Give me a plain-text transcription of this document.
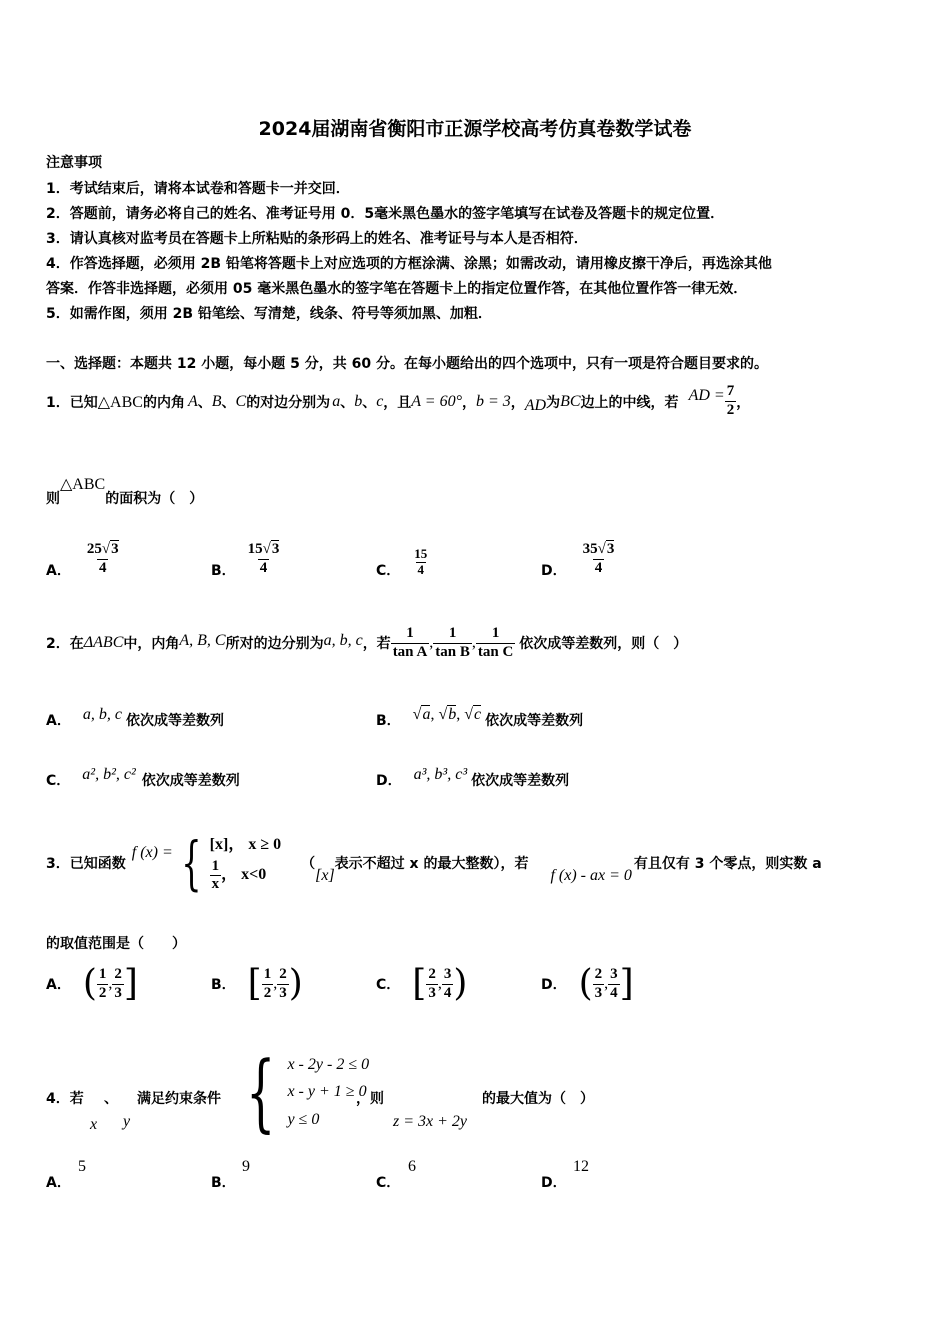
2024届湖南省衡阳市正源学校高考仿真卷数学试卷
注意事项
1．考试结束后，请将本试卷和答题卡一并交回．
2．答题前，请务必将自己的姓名、准考证号用 0．5毫米黑色墨水的签字笔填写在试卷及答题卡的规定位置．
3．请认真核对监考员在答题卡上所粘贴的条形码上的姓名、准考证号与本人是否相符．
4．作答选择题，必须用 2B 铅笔将答题卡上对应选项的方框涂满、涂黑；如需改动，请用橡皮擦干净后，再选涂其他
答案．作答非选择题，必须用 05 毫米黑色墨水的签字笔在答题卡上的指定位置作答，在其他位置作答一律无效．
5．如需作图，须用 2B 铅笔绘、写清楚，线条、符号等须加黑、加粗．
一、选择题：本题共 12 小题，每小题 5 分，共 60 分。在每小题给出的四个选项中，只有一项是符合题目要求的。
1．已知 △ABC 的内角 A 、 B 、 C 的对边分别为 a 、 b 、 c ，且 A = 60° ， b = 3 ， AD 为 BC 边上的中线，若 AD = $\frac{7}{2}$ ，
则
△ABC
的面积为（　）
A． $\frac{25√3}{4}$	B． $\frac{15√3}{4}$	C． $\frac{15}{4}$	D． $\frac{35√3}{4}$
2．在 ΔABC 中，内角 A, B, C 所对的边分别为 a, b, c ，若 $\frac{1}{\text{tan A}}$ , $\frac{1}{\text{tan B}}$ , $\frac{1}{\text{tan C}}$ 依次成等差数列，则（　）
A． a, b, c 依次成等差数列	B． √a, √b, √c 依次成等差数列
C． a², b², c² 依次成等差数列	D． a³, b³, c³ 依次成等差数列
3．已知函数
f (x) = { [x]， x ≥ 0
$\frac{1}{x}$ ， x<0
（
[x]
表示不超过 x 的最大整数），若
f (x) - ax = 0
有且仅有 3 个零点，则实数 a
的取值范围是（　　）
A． ( $\frac{1}{2}$ , $\frac{2}{3}$ ]	B． [ $\frac{1}{2}$ , $\frac{2}{3}$ )	C． [ $\frac{2}{3}$ , $\frac{3}{4}$ )	D． ( $\frac{2}{3}$ , $\frac{3}{4}$ ]
4．若 、 满足约束条件
x y { x - 2y - 2 ≤ 0
x - y + 1 ≥ 0
y ≤ 0
，则
z = 3x + 2y
的最大值为（　）
A．
5
B．
9
C．
6
D．
12
